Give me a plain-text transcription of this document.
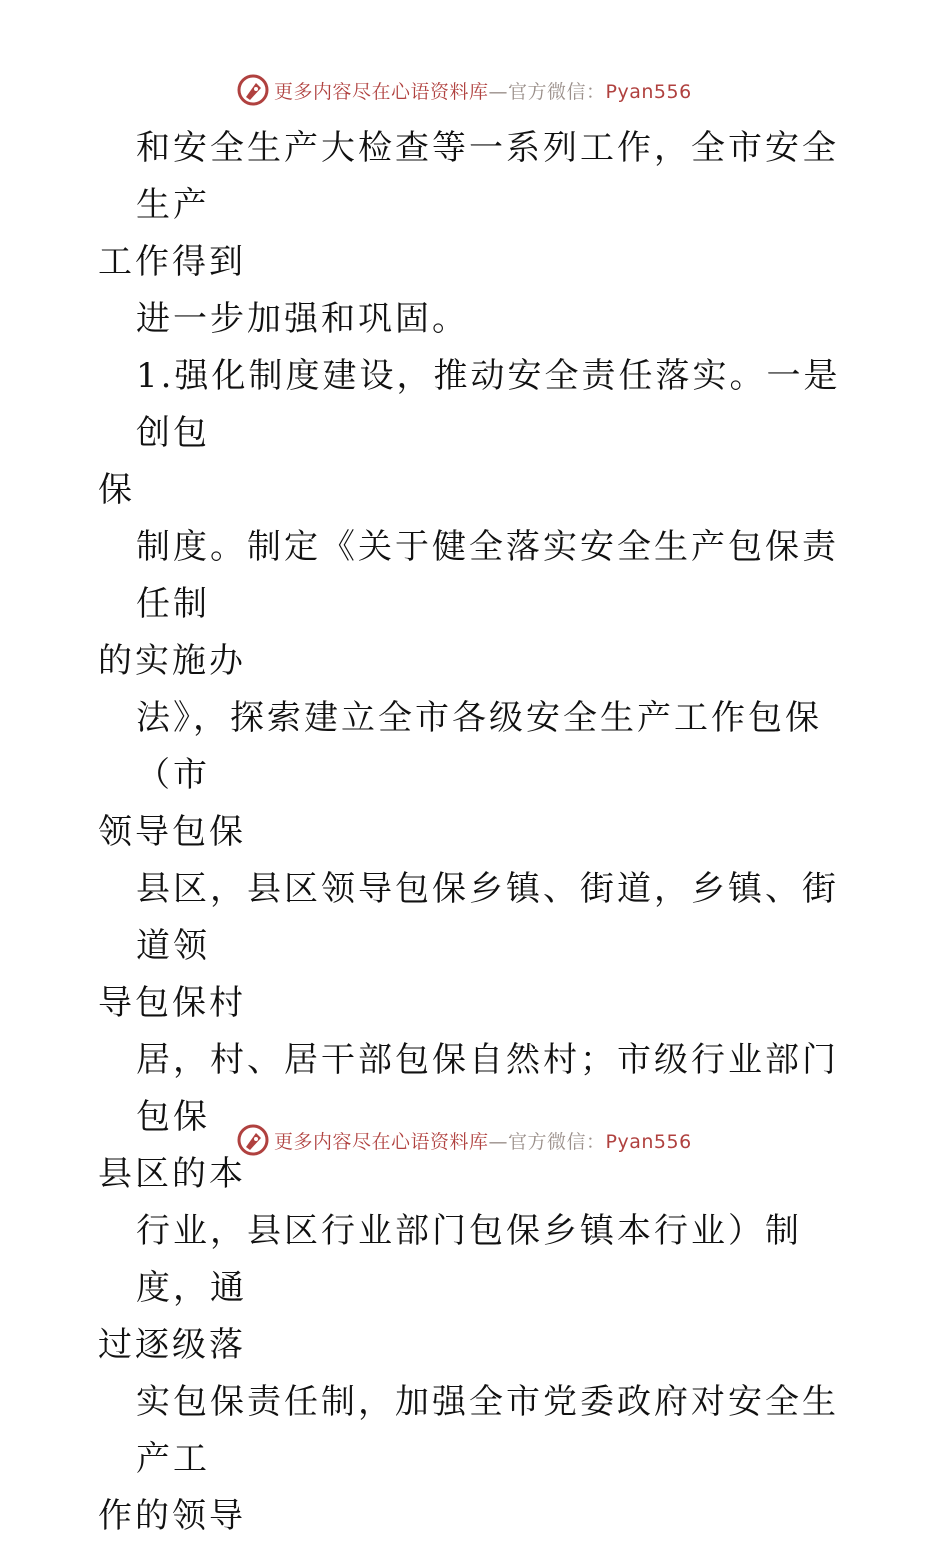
更多内容尽在心语资料库—官方微信：Pyan556

和安全生产大检查等一系列工作，全市安全生产
工作得到

进一步加强和巩固。

1.强化制度建设，推动安全责任落实。一是创包
保

制度。制定《关于健全落实安全生产包保责任制
的实施办

法》，探索建立全市各级安全生产工作包保（市
领导包保

县区，县区领导包保乡镇、街道，乡镇、街道领
导包保村

居，村、居干部包保自然村；市级行业部门包保
县区的本

行业，县区行业部门包保乡镇本行业）制度，通
过逐级落

实包保责任制，加强全市党委政府对安全生产工
作的领导

更多内容尽在心语资料库—官方微信：Pyan556
